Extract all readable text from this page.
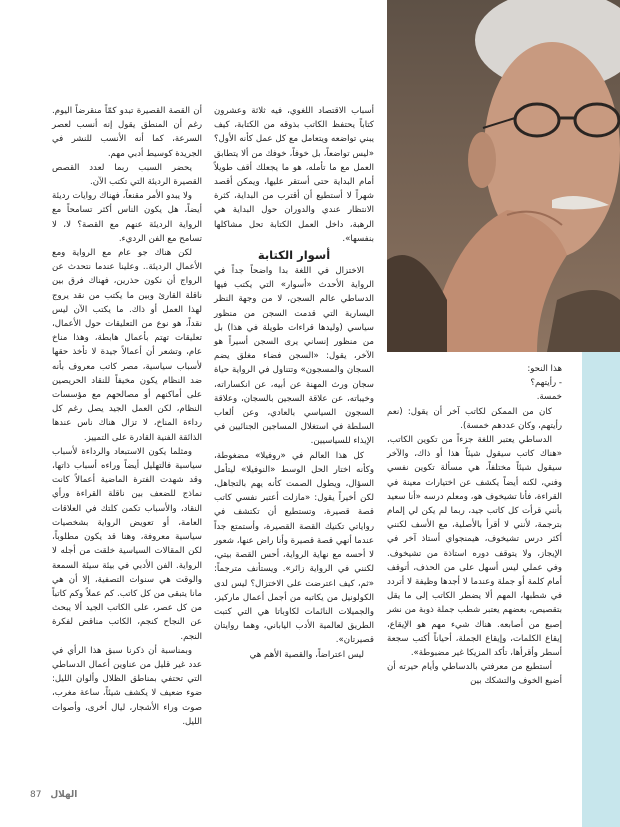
أن القصة القصيرة تبدو كمّاً منقرضاً اليوم. رغم أن المنطق يقول إنه أنسب لعصر السرعة، كما أنه الأنسب للنشر في الجريدة كوسيط أدبي مهم.

يحضر السبب ربما لعدد القصص القصيرة الرديئة التي تكتب الآن.

ولا يبدو الأمر مقنعاً، فهناك روايات رديئة أيضاً، هل يكون الناس أكثر تسامحاً مع الرواية الرديئة عنهم مع القصة؟ لا، لا تسامح مع الفن الرديء.

لكن هناك جو عام مع الرواية ومع الأعمال الرديئة.. وعلينا عندما نتحدث عن الرواج أن نكون حذرين، فهناك فرق بين ناقلة القارئ وبين ما يكتب من نقد يروج لهذا العمل أو ذاك. ما يكتب الآن ليس نقداً، هو نوع من التعليقات حول الأعمال، تعليقات تهتم بأعمال هابطة، وهذا مناخ عام، وتشعر أن أعمالاً جيدة لا تأخذ حقها لأسباب سياسية، مصر كاتب معروف بأنه ضد النظام يكون مخيفاً للنقاد الحريصين على أماكنهم أو مصالحهم مع مؤسسات النظام، لكن العمل الجيد يصل رغم كل رداءة المناخ، لا تزال هناك ناس عندها الذائقة الفنية القادرة على التمييز.

ومثلما يكون الاستبعاد والرداءة لأسباب سياسية فالتهليل أيضاً وراءه أسباب ذاتها، وقد شهدت الفترة الماضية أعمالاً كانت نماذج للضعف بين ناقلة القراءة ورأي النقاد، والأسباب تكمن كلتك في العلاقات العامة، أو تعويض الرواية بشخصيات سياسية معروفة، وهنا قد يكون مطلوباً، لكن المقالات السياسية خلقت من أجله لا الرواية. الفن الأدبي في بيئة سيئة السمعة والوقت هي سنوات التصفية، إلا أن هي مانا يتبقى من كل كاتب. كم عملاً وكم كاتباً من كل عصر، على الكاتب الجيد ألا يبحث عن النجاح كنجم، الكاتب مناقض لفكرة النجم.

وبمناسبة أن ذكرنا سبق هذا الرأي في عدد غير قليل من عناوين أعمال الدساطي التي تحتفي بمناطق الظلال وألوان الليل: ضوء ضعيف لا يكشف شيئاً، ساعة مغرب، صوت وراء الأشجار، ليال أخرى، وأصوات الليل.

أسباب الاقتصاد اللغوي، فيه ثلاثة وعشرون كتاباً يحتفظ الكاتب بذوقه من الكتابة، كيف يبني تواضعه ويتعامل مع كل عمل كأنه الأول؟ «ليس تواضعاً، بل خوفاً، خوفك من ألا يتطابق العمل مع ما تأمله، هو ما يجعلك أقف طويلاً أمام البداية حتى أستقر عليها، ويمكن أقصد شهراً لا أستطيع أن أقترب من البداية، كثرة الانتظار عندي والدوران حول البداية هي الرهبة، داخل العمل الكتابة تحل مشاكلها بنفسها».

أسوار الكتابة

الاختزال في اللغة بدا واضحاً جداً في الرواية الأحدث «أسوار» التي يكتب فيها الدساطي عالم السجن، لا من وجهة النظر اليسارية التي قدمت السجن من منظور سياسي (وليدها قراءات طويلة في هذا) بل من منظور إنساني يرى السجن أسيراً هو الآخر، يقول: «السجن فضاء مغلق يضم السجان والمسجون» وتتناول في الرواية حياة سجان ورث المهنة عن أبيه، عن انكساراته، وخيباته، عن علاقة السجين بالسجان، وعلاقة السجون السياسي بالعادي، وعن ألعاب السلطة في استغلال المساجين الجنائيين في الإيذاء للسياسيين.

كل هذا العالم في «روفيلا» مضغوطة، وكأنه اختار الحل الوسط «النوفيلا» ليتأمل السؤال، ويطول الصمت كأنه يهم بالتجاهل، لكن أخيراً يقول: «مازلت أعتبر نفسي كاتب قصة قصيرة، وتستطيع أن تكتشف في رواياتي تكنيك القصة القصيرة، وأستمتع جداً عندما أنهي قصة قصيرة وأنا راض عنها، شعور لا أحسه مع نهاية الرواية، أحس القصة بيتي، لكنني في الرواية زائر». ويستأنف مترجماً: «ثم، كيف اعترضت على الاختزال؟ ليس لدى الكولونيل من يكاتبه من أجمل أعمال ماركيز، والجميلات النائمات لكاوباتا هي التي كتبت الطريق لعالمية الأدب الياباني، وهما روايتان قصيرتان».

ليس اعتراضاً، والقصية الأهم هي

هذا النحو:

- رأيتهم؟

خمسة.

كان من الممكن لكاتب آخر أن يقول: (نعم رأيتهم، وكان عددهم خمسة).

الدساطي يعتبر اللغة جزءاً من تكوين الكاتب، «هناك كاتب سيقول شيئاً هذا أو ذاك، والآخر سيقول شيئاً مختلفاً، هي مسألة تكوين نفسي وفني، لكنه أيضاً يكشف عن اختيارات معينة في القراءة، فأنا تشيخوف هو، ومعلم درسه «أنا سعيد بأنني قرأت كل كاتب جيد، ربما لم يكن لي إلمام بترجمة، لأنني لا أقرأ بالأصلية، مع الأسف لكنني أكثر درس تشيخوف، هيمنجواي أستاذ آخر في الإيجاز، ولا يتوقف دوره استاذة من تشيخوف. وفي عملي ليس أسهل على من الحذف، أتوقف أمام كلمة أو جملة وعندما لا أجدها وظيفة لا أتردد في شطبها، المهم ألا يضطر الكاتب إلى ما يقل بتقصيص، بعضهم يعتبر شطب جملة ذوبة من نشر إصبع من أصابعه. هناك شيء مهم هو الإيقاع، إيقاع الكلمات، وإيقاع الجملة، أحياناً أكتب سجعة أسطر وأقرأها، تأكد المزيكا غير مضبوطة».

أستطيع من معرفتي بالدساطي وأيام حيرته أن أضيع الخوف والتشكك بين

87 الهلال
